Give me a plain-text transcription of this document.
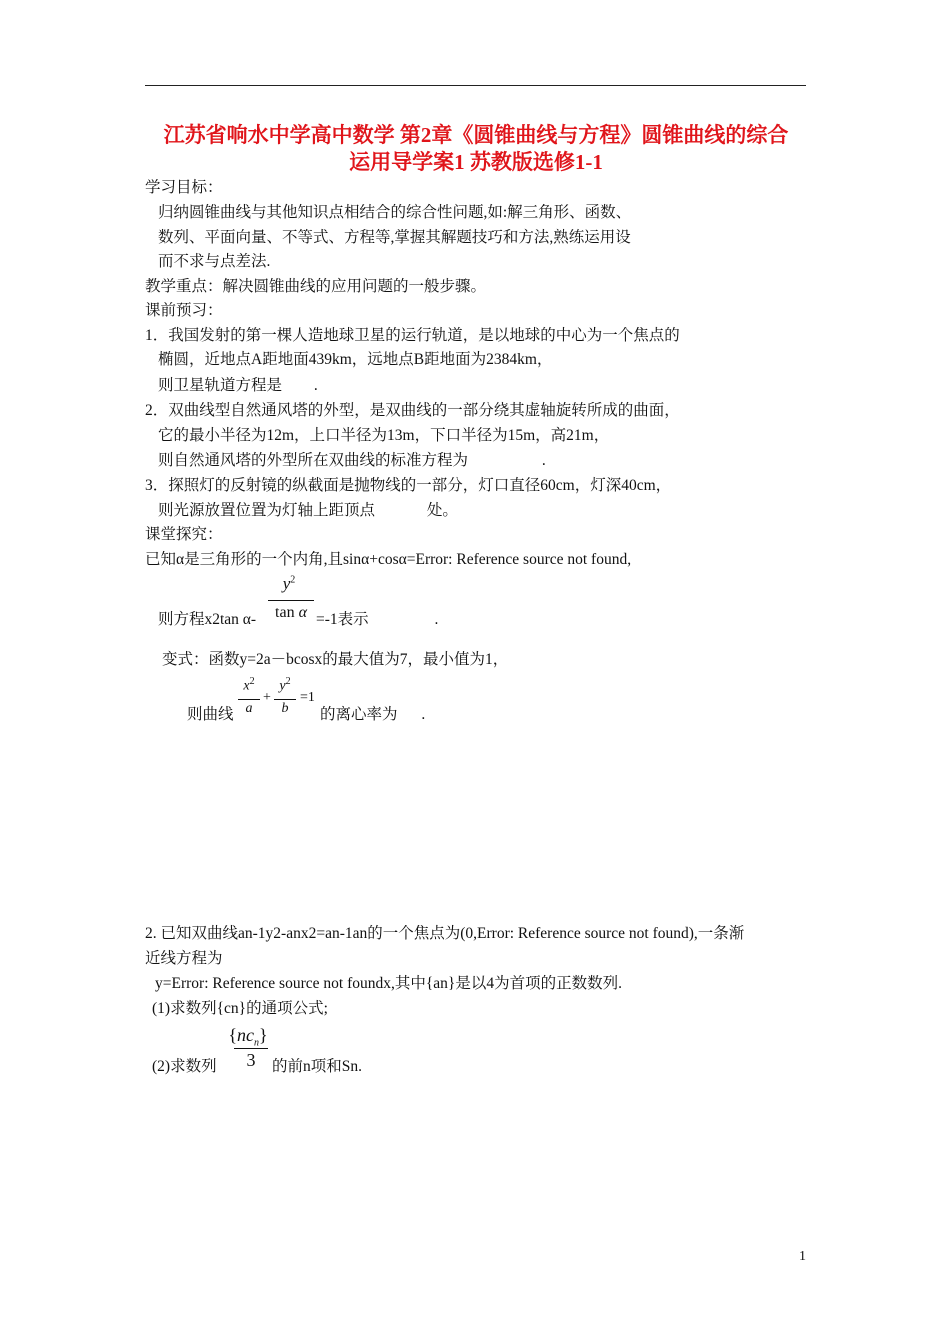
江苏省响水中学高中数学 第2章《圆锥曲线与方程》圆锥曲线的综合
运用导学案1 苏教版选修1-1
学习目标：
归纳圆锥曲线与其他知识点相结合的综合性问题,如:解三角形、函数、
数列、平面向量、不等式、方程等,掌握其解题技巧和方法,熟练运用设
而不求与点差法.
教学重点：解决圆锥曲线的应用问题的一般步骤。
课前预习：
1．我国发射的第一棵人造地球卫星的运行轨道，是以地球的中心为一个焦点的
椭圆，近地点A距地面439km，远地点B距地面为2384km，
则卫星轨道方程是 .
2．双曲线型自然通风塔的外型，是双曲线的一部分绕其虚轴旋转所成的曲面，
它的最小半径为12m，上口半径为13m，下口半径为15m，高21m，
则自然通风塔的外型所在双曲线的标准方程为 .
3．探照灯的反射镜的纵截面是抛物线的一部分，灯口直径60cm，灯深40cm，
则光源放置位置为灯轴上距顶点 处。
课堂探究：
已知α是三角形的一个内角,且sinα+cosα=Error: Reference source not found,
则方程x2tan α-
$y^2$
tan α =-1表示 .
变式：函数y=2a－bcosx的最大值为7，最小值为1，
则曲线
$x^2$
a
+
$y^2$
b
=1
的离心率为 .
2. 已知双曲线an-1y2-anx2=an-1an的一个焦点为(0,Error: Reference source not found),一条渐
近线方程为
y=Error: Reference source not foundx,其中{an}是以4为首项的正数数列.
(1)求数列{cn}的通项公式;
(2)求数列
$\{nc_n\}$
3	的前n项和Sn.
1
